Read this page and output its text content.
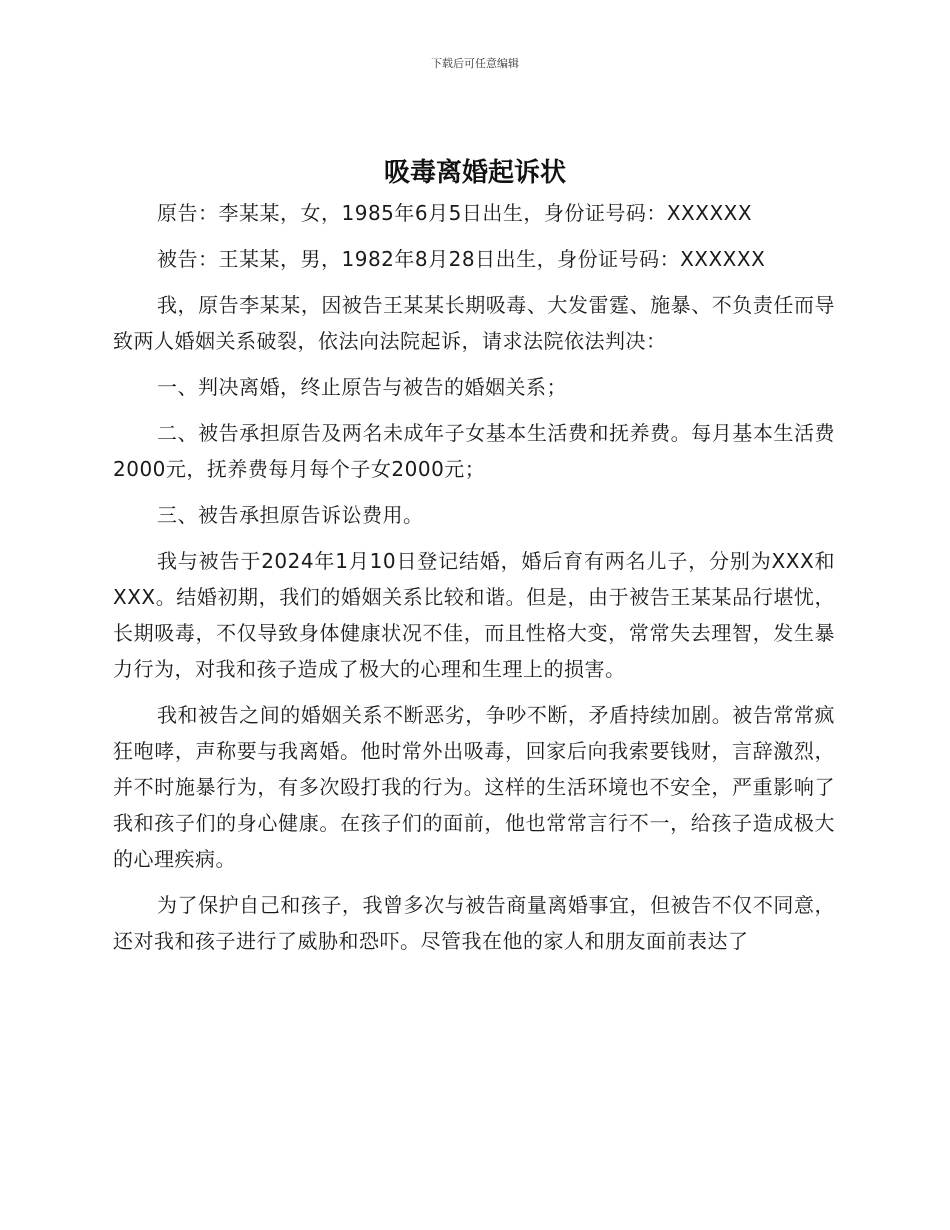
下载后可任意编辑
吸毒离婚起诉状

原告：李某某，女，1985年6月5日出生，身份证号码：XXXXXX

被告：王某某，男，1982年8月28日出生，身份证号码：XXXXXX

我，原告李某某，因被告王某某长期吸毒、大发雷霆、施暴、不负责任而导致两人婚姻关系破裂，依法向法院起诉，请求法院依法判决：

一、判决离婚，终止原告与被告的婚姻关系；

二、被告承担原告及两名未成年子女基本生活费和抚养费。每月基本生活费2000元，抚养费每月每个子女2000元；

三、被告承担原告诉讼费用。

我与被告于2024年1月10日登记结婚，婚后育有两名儿子，分别为XXX和XXX。结婚初期，我们的婚姻关系比较和谐。但是，由于被告王某某品行堪忧，长期吸毒，不仅导致身体健康状况不佳，而且性格大变，常常失去理智，发生暴力行为，对我和孩子造成了极大的心理和生理上的损害。

我和被告之间的婚姻关系不断恶劣，争吵不断，矛盾持续加剧。被告常常疯狂咆哮，声称要与我离婚。他时常外出吸毒，回家后向我索要钱财，言辞激烈，并不时施暴行为，有多次殴打我的行为。这样的生活环境也不安全，严重影响了我和孩子们的身心健康。在孩子们的面前，他也常常言行不一，给孩子造成极大的心理疾病。

为了保护自己和孩子，我曾多次与被告商量离婚事宜，但被告不仅不同意，还对我和孩子进行了威胁和恐吓。尽管我在他的家人和朋友面前表达了
